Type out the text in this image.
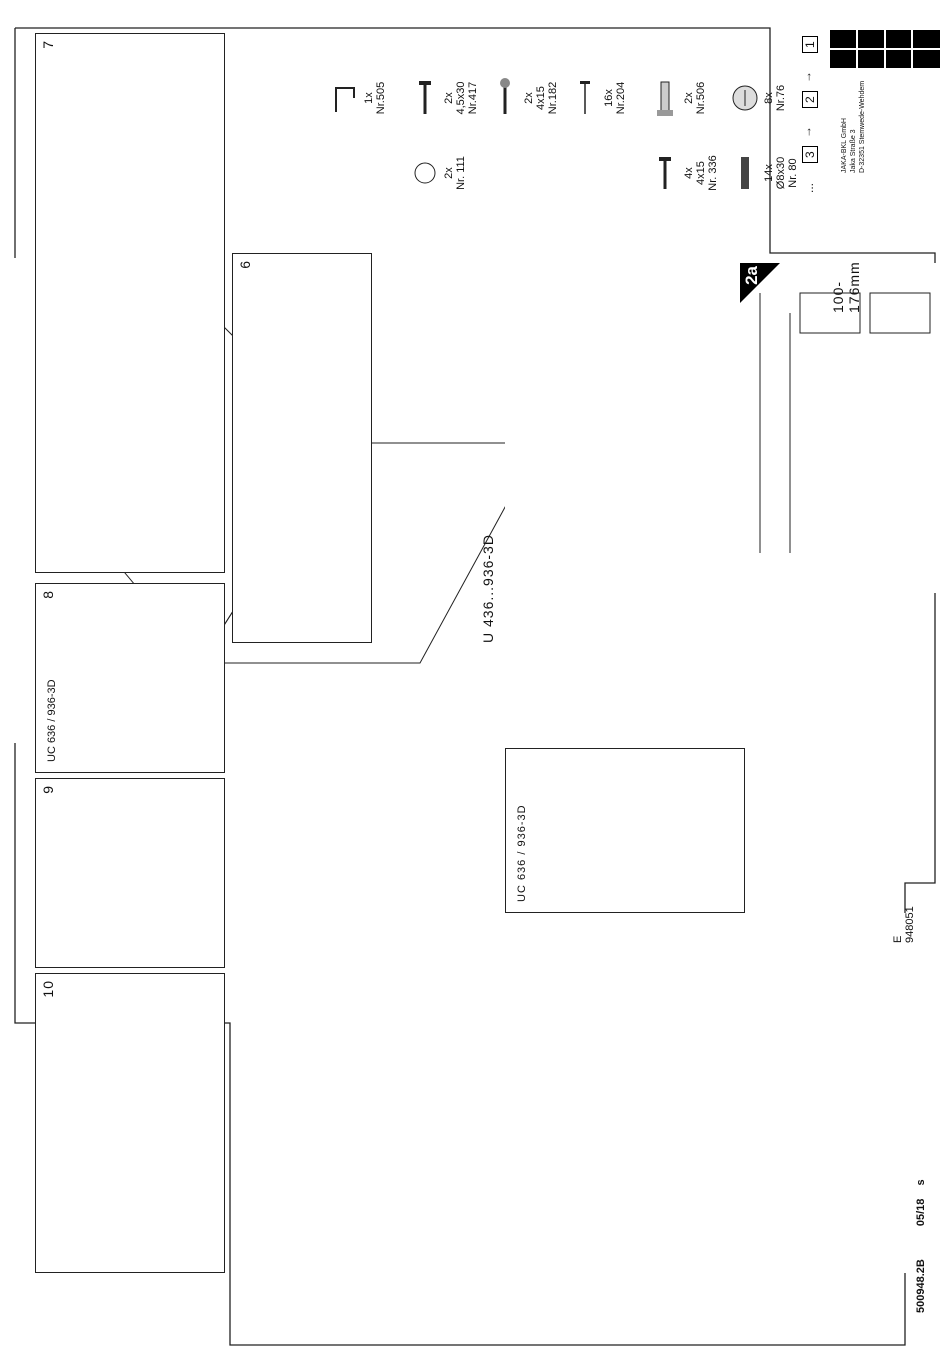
JAKA-BKL GmbH Jaka Straße 3 D-32351 Stemwede-Wehdem
1
→
2
→
3
...
8x Nr.76
14x Ø8x30 Nr. 80
2x Nr.506
4x 4x15 Nr. 336
16x Nr.204
2x 4x15 Nr.182
2x 4,5x30 Nr.417
2x Nr. 111
1x Nr.505
100-176mm
2a
U 436...936-3D
UC 636 / 936-3D
6
7
8
UC 636 / 936-3D
9
10
E 948051
500948.2B 05/18 s
